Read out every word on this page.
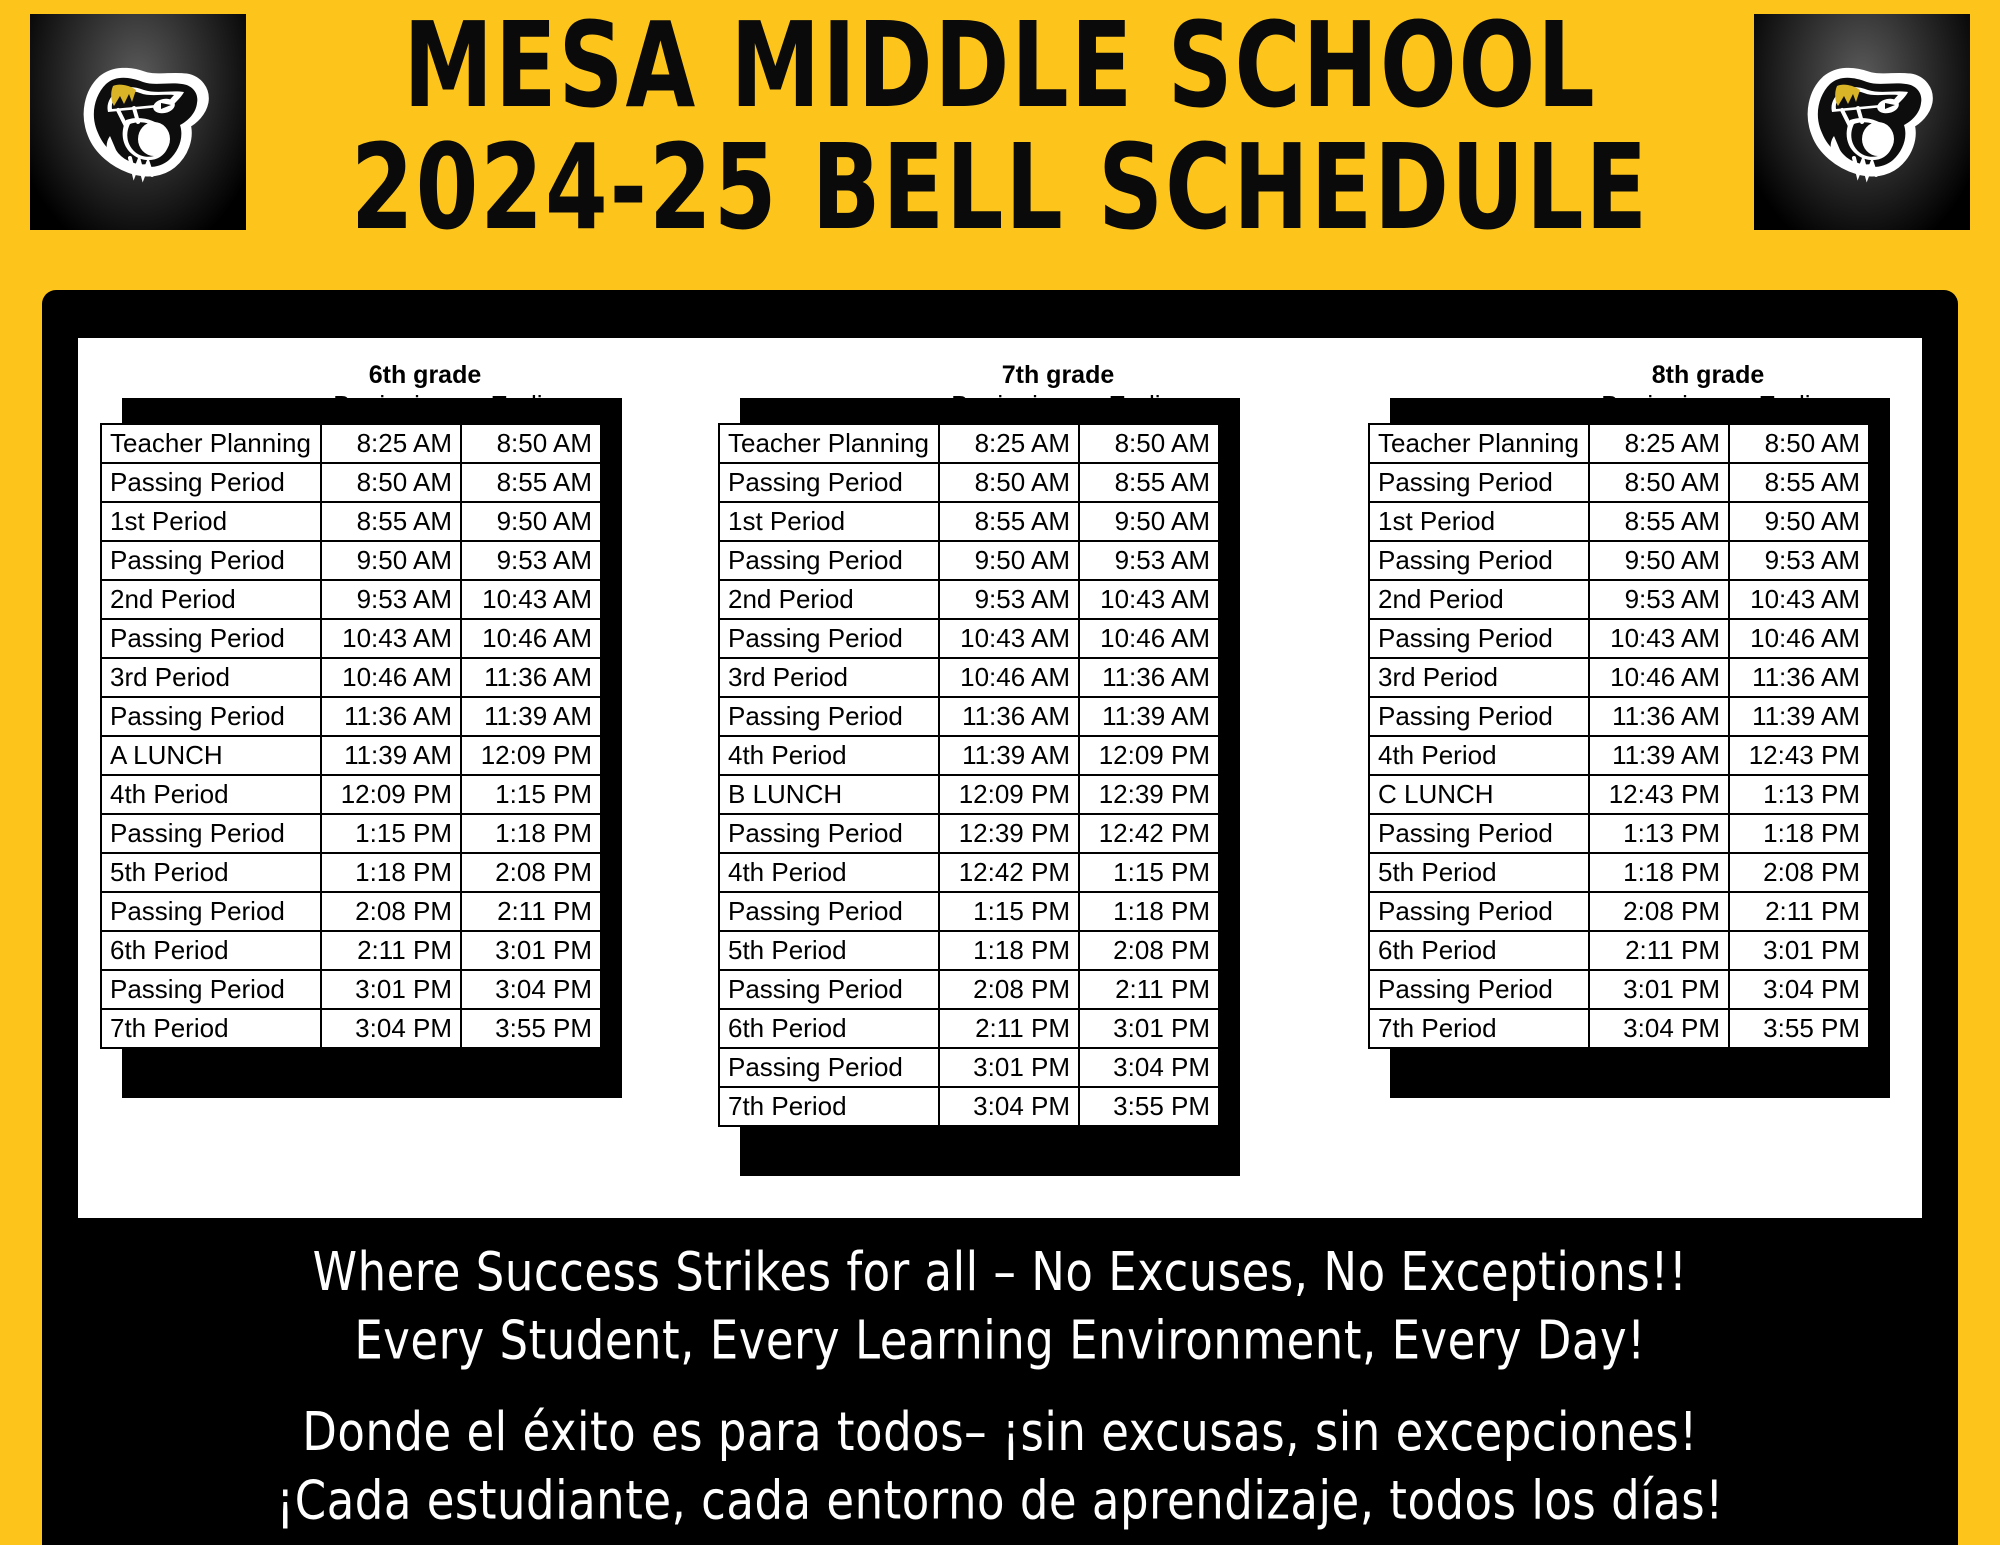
MESA MIDDLE SCHOOL
2024-25 BELL SCHEDULE
6th grade
	Beginning	Ending
Teacher Planning	8:25 AM	8:50 AM
Passing Period	8:50 AM	8:55 AM
1st Period	8:55 AM	9:50 AM
Passing Period	9:50 AM	9:53 AM
2nd Period	9:53 AM	10:43 AM
Passing Period	10:43 AM	10:46 AM
3rd Period	10:46 AM	11:36 AM
Passing Period	11:36 AM	11:39 AM
A LUNCH	11:39 AM	12:09 PM
4th Period	12:09 PM	1:15 PM
Passing Period	1:15 PM	1:18 PM
5th Period	1:18 PM	2:08 PM
Passing Period	2:08 PM	2:11 PM
6th Period	2:11 PM	3:01 PM
Passing Period	3:01 PM	3:04 PM
7th Period	3:04 PM	3:55 PM
7th grade
	Beginning	Ending
Teacher Planning	8:25 AM	8:50 AM
Passing Period	8:50 AM	8:55 AM
1st Period	8:55 AM	9:50 AM
Passing Period	9:50 AM	9:53 AM
2nd Period	9:53 AM	10:43 AM
Passing Period	10:43 AM	10:46 AM
3rd Period	10:46 AM	11:36 AM
Passing Period	11:36 AM	11:39 AM
4th Period	11:39 AM	12:09 PM
B LUNCH	12:09 PM	12:39 PM
Passing Period	12:39 PM	12:42 PM
4th Period	12:42 PM	1:15 PM
Passing Period	1:15 PM	1:18 PM
5th Period	1:18 PM	2:08 PM
Passing Period	2:08 PM	2:11 PM
6th Period	2:11 PM	3:01 PM
Passing Period	3:01 PM	3:04 PM
7th Period	3:04 PM	3:55 PM
8th grade
	Beginning	Ending
Teacher Planning	8:25 AM	8:50 AM
Passing Period	8:50 AM	8:55 AM
1st Period	8:55 AM	9:50 AM
Passing Period	9:50 AM	9:53 AM
2nd Period	9:53 AM	10:43 AM
Passing Period	10:43 AM	10:46 AM
3rd Period	10:46 AM	11:36 AM
Passing Period	11:36 AM	11:39 AM
4th Period	11:39 AM	12:43 PM
C LUNCH	12:43 PM	1:13 PM
Passing Period	1:13 PM	1:18 PM
5th Period	1:18 PM	2:08 PM
Passing Period	2:08 PM	2:11 PM
6th Period	2:11 PM	3:01 PM
Passing Period	3:01 PM	3:04 PM
7th Period	3:04 PM	3:55 PM
Where Success Strikes for all – No Excuses, No Exceptions!!
Every Student, Every Learning Environment, Every Day!
Donde el éxito es para todos– ¡sin excusas, sin excepciones!
¡Cada estudiante, cada entorno de aprendizaje, todos los días!
